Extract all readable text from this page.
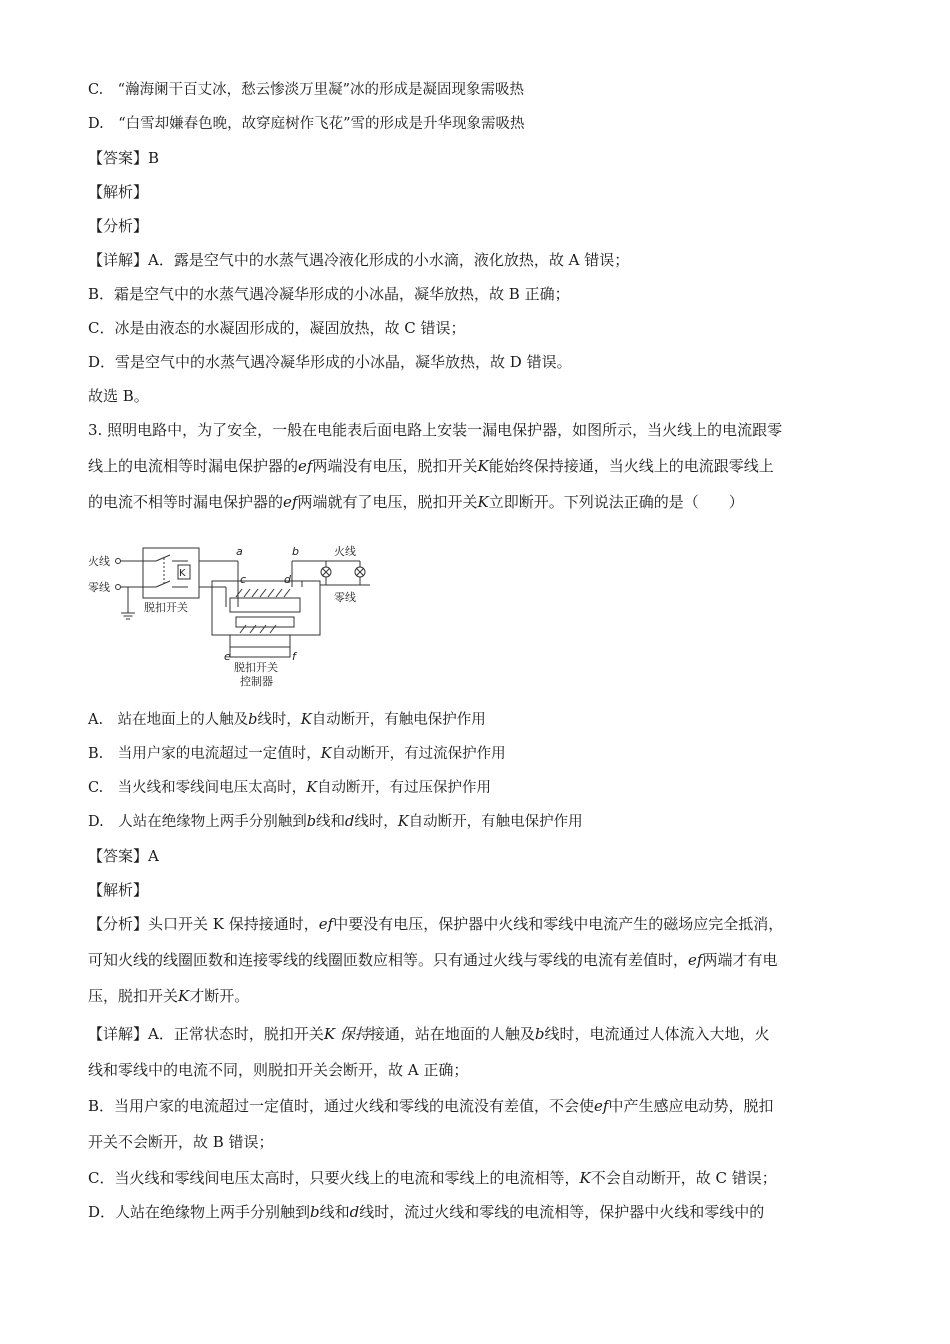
C.　“瀚海阑干百丈冰，愁云惨淡万里凝”冰的形成是凝固现象需吸热
D.　“白雪却嫌春色晚，故穿庭树作飞花”雪的形成是升华现象需吸热
【答案】B
【解析】
【分析】
【详解】A．露是空气中的水蒸气遇冷液化形成的小水滴，液化放热，故 A 错误；
B．霜是空气中的水蒸气遇冷凝华形成的小冰晶，凝华放热，故 B 正确；
C．冰是由液态的水凝固形成的，凝固放热，故 C 错误；
D．雪是空气中的水蒸气遇冷凝华形成的小冰晶，凝华放热，故 D 错误。
故选 B。
3. 照明电路中，为了安全，一般在电能表后面电路上安装一漏电保护器，如图所示，当火线上的电流跟零
线上的电流相等时漏电保护器的ef两端没有电压，脱扣开关K能始终保持接通，当火线上的电流跟零线上
的电流不相等时漏电保护器的ef两端就有了电压，脱扣开关K立即断开。下列说法正确的是（　　）
火线
零线
K
脱扣开关
a	b
c	d
e	f
火线
零线
脱扣开关
控制器
A.　站在地面上的人触及b线时，K自动断开，有触电保护作用
B.　当用户家的电流超过一定值时，K自动断开，有过流保护作用
C.　当火线和零线间电压太高时，K自动断开，有过压保护作用
D.　人站在绝缘物上两手分别触到b线和d线时，K自动断开，有触电保护作用
【答案】A
【解析】
【分析】头口开关 K 保持接通时，ef中要没有电压，保护器中火线和零线中电流产生的磁场应完全抵消，
可知火线的线圈匝数和连接零线的线圈匝数应相等。只有通过火线与零线的电流有差值时，ef两端才有电
压，脱扣开关K才断开。
【详解】A．正常状态时，脱扣开关K 保持接通，站在地面的人触及b线时，电流通过人体流入大地，火
线和零线中的电流不同，则脱扣开关会断开，故 A 正确；
B．当用户家的电流超过一定值时，通过火线和零线的电流没有差值，不会使ef中产生感应电动势，脱扣
开关不会断开，故 B 错误；
C．当火线和零线间电压太高时，只要火线上的电流和零线上的电流相等，K不会自动断开，故 C 错误；
D．人站在绝缘物上两手分别触到b线和d线时，流过火线和零线的电流相等，保护器中火线和零线中的
